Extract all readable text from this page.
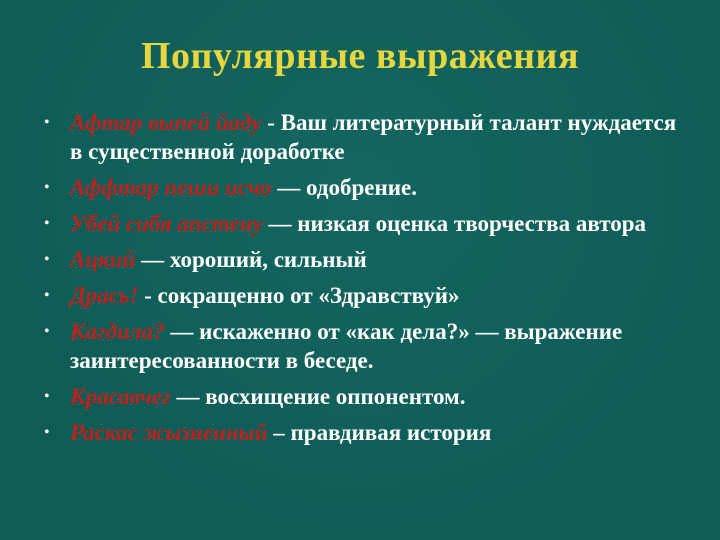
Популярные выражения
• Афтар выпей йаду - Ваш литературный талант нуждается в существенной доработке
• Аффтар пеши исчо — одобрение.
• Убей сибя апстену — низкая оценка творчества автора
• Ацкий — хороший, сильный
• Дрась! - сокращенно от «Здравствуй»
• Кагдила? — искаженно от «как дела?» — выражение заинтересованности в беседе.
• Красавчег — восхищение оппонентом.
• Раскас жызненный – правдивая история
